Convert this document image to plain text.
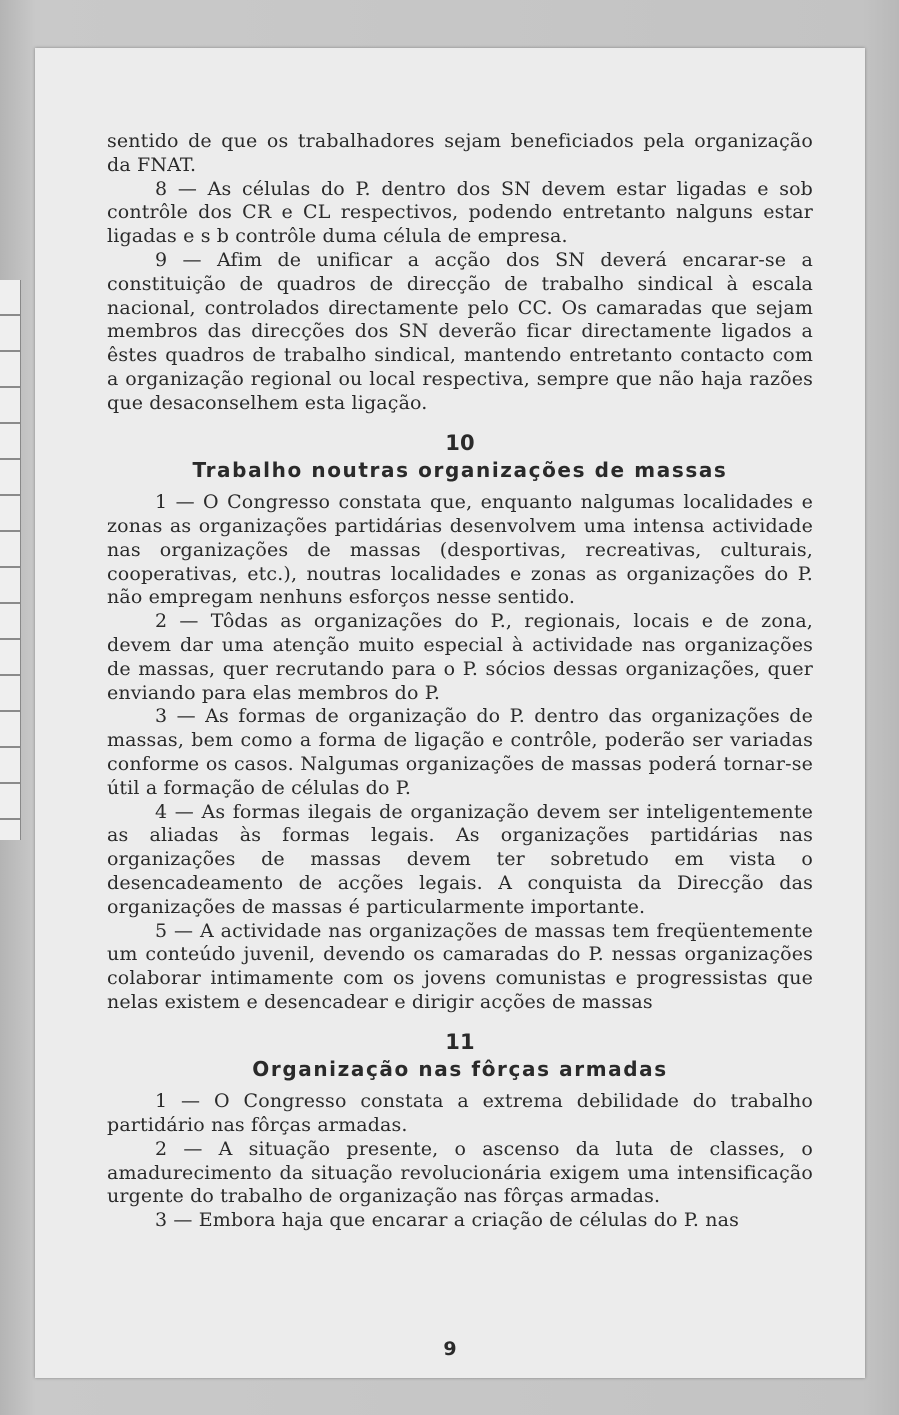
sentido de que os trabalhadores sejam beneficiados pela organização da FNAT.

8 — As células do P. dentro dos SN devem estar ligadas e sob contrôle dos CR e CL respectivos, podendo entretanto nalguns estar ligadas e s b contrôle duma célula de empresa.

9 — Afim de unificar a acção dos SN deverá encarar-se a constituição de quadros de direcção de trabalho sindical à escala nacional, controlados directamente pelo CC. Os camaradas que sejam membros das direcções dos SN deverão ficar directamente ligados a êstes quadros de trabalho sindical, mantendo entretanto contacto com a organização regional ou local respectiva, sempre que não haja razões que desaconselhem esta ligação.

10
Trabalho noutras organizações de massas

1 — O Congresso constata que, enquanto nalgumas localidades e zonas as organizações partidárias desenvolvem uma intensa actividade nas organizações de massas (desportivas, recreativas, culturais, cooperativas, etc.), noutras localidades e zonas as organizações do P. não empregam nenhuns esforços nesse sentido.

2 — Tôdas as organizações do P., regionais, locais e de zona, devem dar uma atenção muito especial à actividade nas organizações de massas, quer recrutando para o P. sócios dessas organizações, quer enviando para elas membros do P.

3 — As formas de organização do P. dentro das organizações de massas, bem como a forma de ligação e contrôle, poderão ser variadas conforme os casos. Nalgumas organizações de massas poderá tornar-se útil a formação de células do P.

4 — As formas ilegais de organização devem ser inteligentemente as aliadas às formas legais. As organizações partidárias nas organizações de massas devem ter sobretudo em vista o desencadeamento de acções legais. A conquista da Direcção das organizações de massas é particularmente importante.

5 — A actividade nas organizações de massas tem freqüentemente um conteúdo juvenil, devendo os camaradas do P. nessas organizações colaborar intimamente com os jovens comunistas e progressistas que nelas existem e desencadear e dirigir acções de massas

11
Organização nas fôrças armadas

1 — O Congresso constata a extrema debilidade do trabalho partidário nas fôrças armadas.

2 — A situação presente, o ascenso da luta de classes, o amadurecimento da situação revolucionária exigem uma intensificação urgente do trabalho de organização nas fôrças armadas.

3 — Embora haja que encarar a criação de células do P. nas

9
